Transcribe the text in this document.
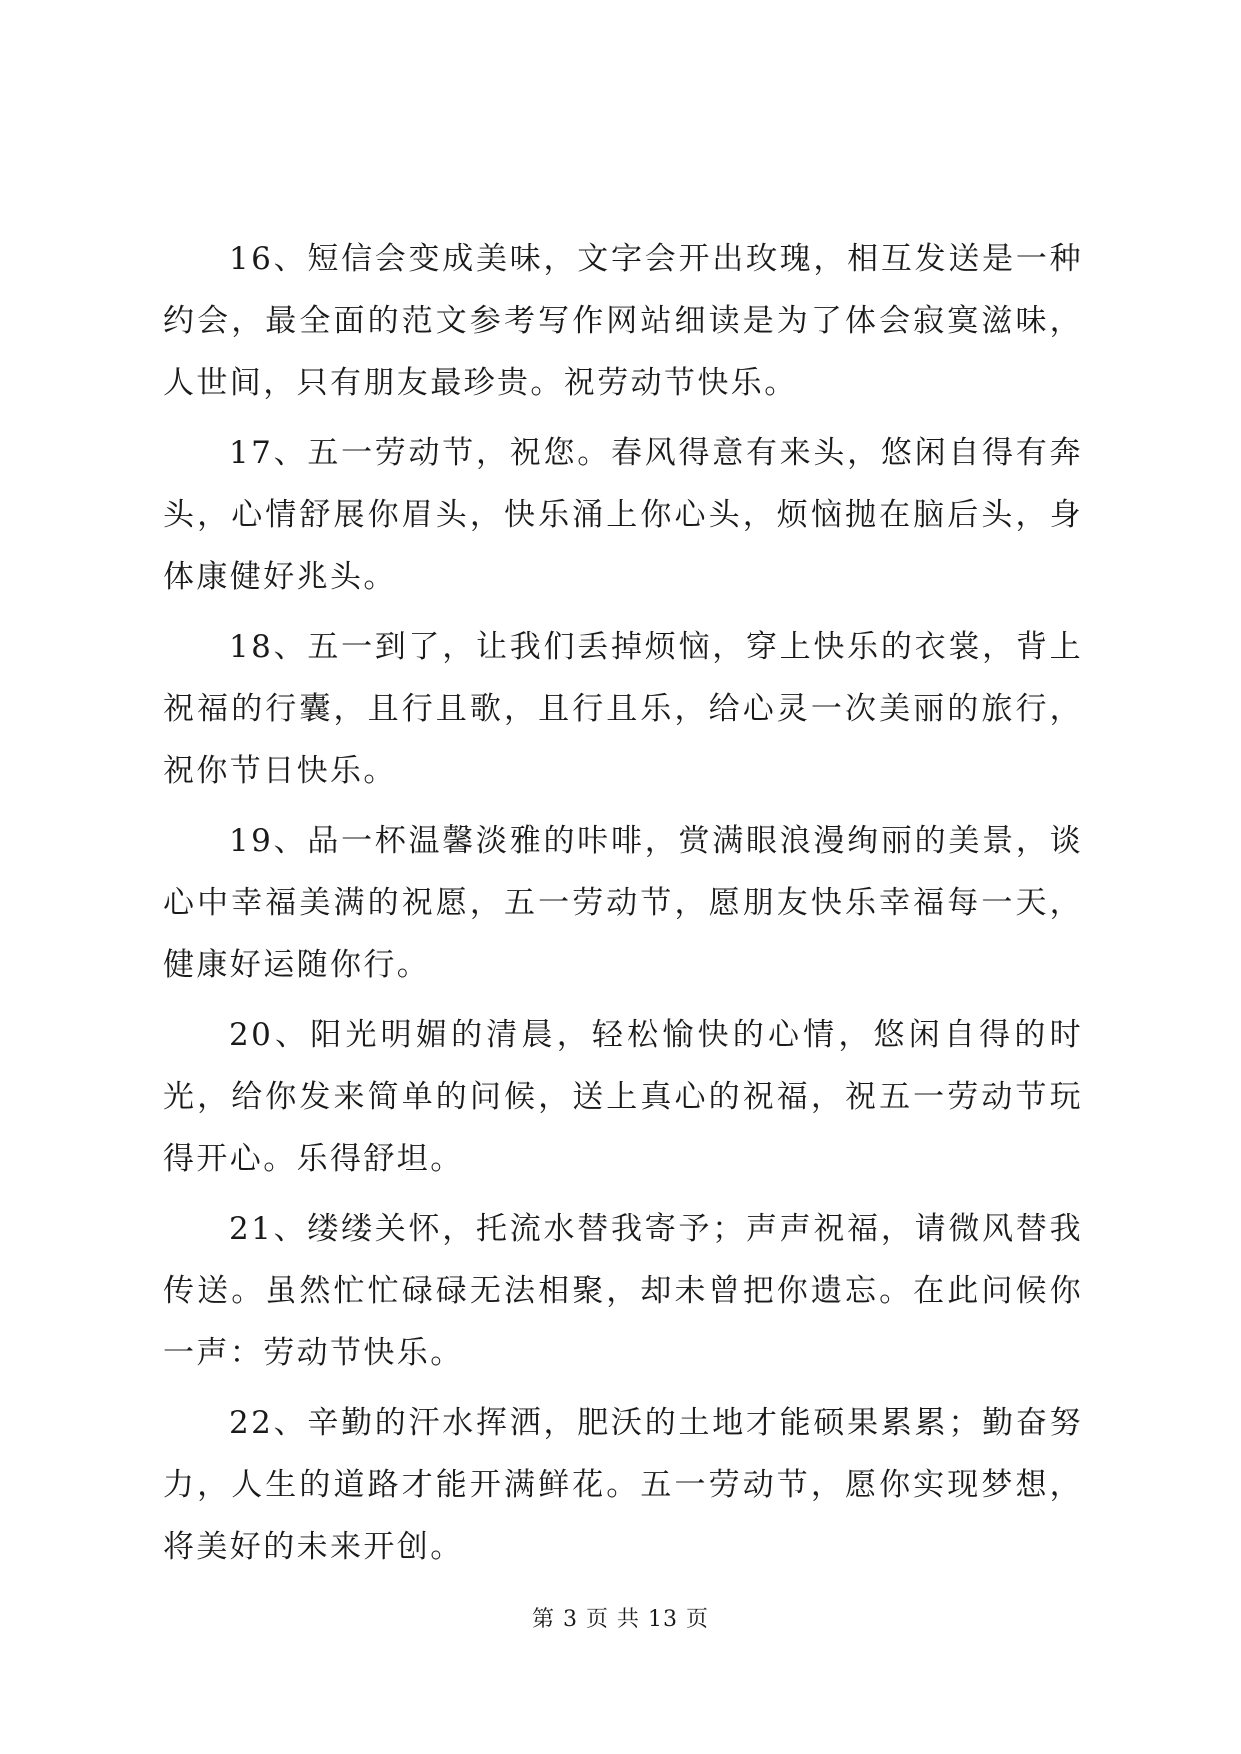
16、短信会变成美味，文字会开出玫瑰，相互发送是一种约会，最全面的范文参考写作网站细读是为了体会寂寞滋味，人世间，只有朋友最珍贵。祝劳动节快乐。

17、五一劳动节，祝您。春风得意有来头，悠闲自得有奔头，心情舒展你眉头，快乐涌上你心头，烦恼抛在脑后头，身体康健好兆头。

18、五一到了，让我们丢掉烦恼，穿上快乐的衣裳，背上祝福的行囊，且行且歌，且行且乐，给心灵一次美丽的旅行，祝你节日快乐。

19、品一杯温馨淡雅的咔啡，赏满眼浪漫绚丽的美景，谈心中幸福美满的祝愿，五一劳动节，愿朋友快乐幸福每一天，健康好运随你行。

20、阳光明媚的清晨，轻松愉快的心情，悠闲自得的时光，给你发来简单的问候，送上真心的祝福，祝五一劳动节玩得开心。乐得舒坦。

21、缕缕关怀，托流水替我寄予；声声祝福，请微风替我传送。虽然忙忙碌碌无法相聚，却未曾把你遗忘。在此问候你一声：劳动节快乐。

22、辛勤的汗水挥洒，肥沃的土地才能硕果累累；勤奋努力，人生的道路才能开满鲜花。五一劳动节，愿你实现梦想，将美好的未来开创。

第 3 页 共 13 页
